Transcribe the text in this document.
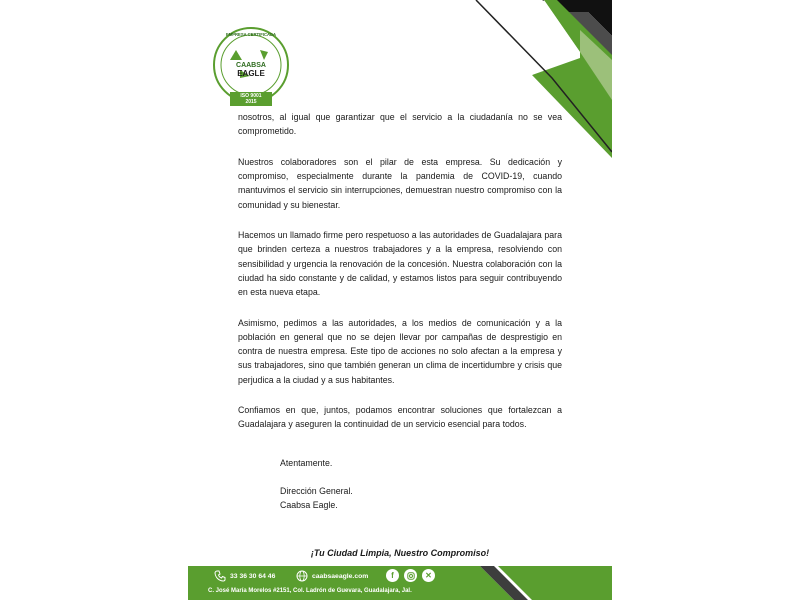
EMPRESA CERTIFICADA
CAABSA
EAGLE
ISO 9001
2015

nosotros, al igual que garantizar que el servicio a la ciudadanía no se vea comprometido.

Nuestros colaboradores son el pilar de esta empresa. Su dedicación y compromiso, especialmente durante la pandemia de COVID-19, cuando mantuvimos el servicio sin interrupciones, demuestran nuestro compromiso con la comunidad y su bienestar.

Hacemos un llamado firme pero respetuoso a las autoridades de Guadalajara para que brinden certeza a nuestros trabajadores y a la empresa, resolviendo con sensibilidad y urgencia la renovación de la concesión. Nuestra colaboración con la ciudad ha sido constante y de calidad, y estamos listos para seguir contribuyendo en esta nueva etapa.

Asimismo, pedimos a las autoridades, a los medios de comunicación y a la población en general que no se dejen llevar por campañas de desprestigio en contra de nuestra empresa. Este tipo de acciones no solo afectan a la empresa y sus trabajadores, sino que también generan un clima de incertidumbre y crisis que perjudica a la ciudad y a sus habitantes.

Confiamos en que, juntos, podamos encontrar soluciones que fortalezcan a Guadalajara y aseguren la continuidad de un servicio esencial para todos.

Atentamente.

Dirección General.

Caabsa Eagle.

¡Tu Ciudad Limpia, Nuestro Compromiso!
33 36 30 64 46	caabsaeagle.com	f	✕
C. José María Morelos #2151, Col. Ladrón de Guevara, Guadalajara, Jal.
